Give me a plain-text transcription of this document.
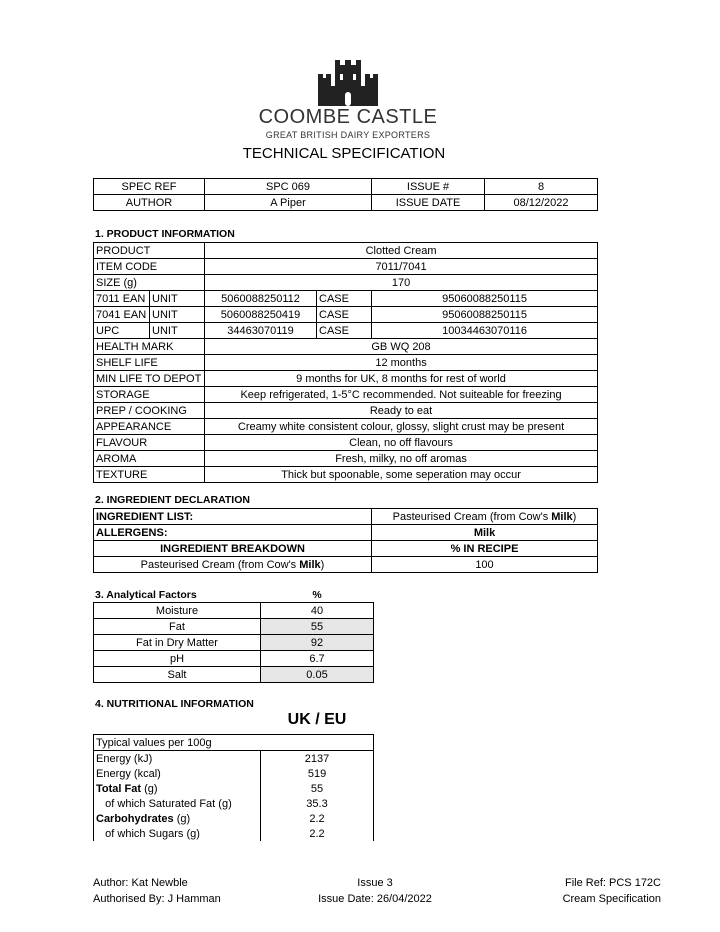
COOMBE CASTLE
GREAT BRITISH DAIRY EXPORTERS
TECHNICAL SPECIFICATION
SPEC REF	SPC 069	ISSUE #	8
AUTHOR	A Piper	ISSUE DATE	08/12/2022
1. PRODUCT INFORMATION
PRODUCT		Clotted Cream		
ITEM CODE		7011/7041		
SIZE (g)		170		
7011 EAN	UNIT	5060088250112	CASE	95060088250115
7041 EAN	UNIT	5060088250419	CASE	95060088250115
UPC	UNIT	34463070119	CASE	10034463070116
HEALTH MARK		GB WQ 208		
SHELF LIFE		12 months		
MIN LIFE TO DEPOT		9 months for UK, 8 months for rest of world		
STORAGE		Keep refrigerated, 1-5°C recommended. Not suiteable for freezing		
PREP / COOKING		Ready to eat		
APPEARANCE		Creamy white consistent colour, glossy, slight crust may be present		
FLAVOUR		Clean, no off flavours		
AROMA		Fresh, milky, no off aromas		
TEXTURE		Thick but spoonable, some seperation may occur		
2. INGREDIENT DECLARATION
INGREDIENT LIST:	Pasteurised Cream (from Cow's Milk)
ALLERGENS:	Milk
INGREDIENT BREAKDOWN	% IN RECIPE
Pasteurised Cream (from Cow's Milk)	100
3. Analytical Factors	%
Moisture	40
Fat	55
Fat in Dry Matter	92
pH	6.7
Salt	0.05
4. NUTRITIONAL INFORMATION
UK / EU
Typical values per 100g	
Energy (kJ)	2137
Energy (kcal)	519
Total Fat (g)	55
of which Saturated Fat (g)	35.3
Carbohydrates (g)	2.2
of which Sugars (g)	2.2
Author: Kat Newble
Authorised By: J Hamman
Issue 3
Issue Date: 26/04/2022
File Ref: PCS 172C
Cream Specification
